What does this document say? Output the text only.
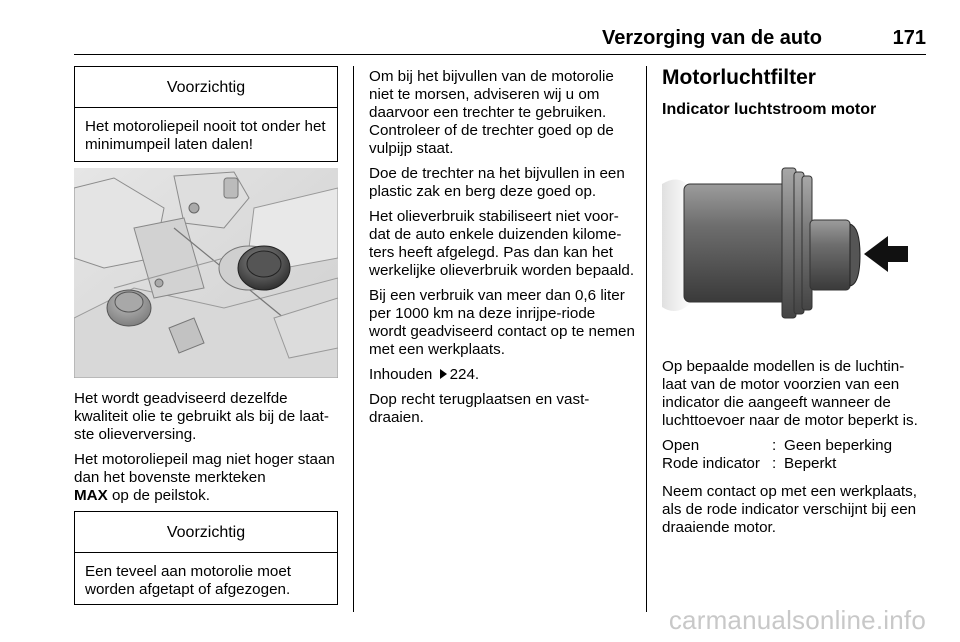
Verzorging van de auto	171
Voorzichtig
Het motoroliepeil nooit tot onder het minimumpeil laten dalen!

Het wordt geadviseerd dezelfde kwaliteit olie te gebruikt als bij de laat-ste olieverversing.

Het motoroliepeil mag niet hoger staan dan het bovenste merkteken
MAX op de peilstok.

Voorzichtig
Een teveel aan motorolie moet worden afgetapt of afgezogen.

Om bij het bijvullen van de motorolie niet te morsen, adviseren wij u om daarvoor een trechter te gebruiken. Controleer of de trechter goed op de vulpijp staat.

Doe de trechter na het bijvullen in een plastic zak en berg deze goed op.

Het olieverbruik stabiliseert niet voor-dat de auto enkele duizenden kilome-ters heeft afgelegd. Pas dan kan het werkelijke olieverbruik worden bepaald.

Bij een verbruik van meer dan 0,6 liter per 1000 km na deze inrijpe-riode wordt geadviseerd contact op te nemen met een werkplaats.

Inhouden 224.

Dop recht terugplaatsen en vast-draaien.

Motorluchtfilter
Indicator luchtstroom motor

Op bepaalde modellen is de luchtin-laat van de motor voorzien van een indicator die aangeeft wanneer de luchttoevoer naar de motor beperkt is.

Open	: Geen beperking
Rode indicator : Beperkt

Neem contact op met een werkplaats, als de rode indicator verschijnt bij een draaiende motor.

carmanualsonline.info
